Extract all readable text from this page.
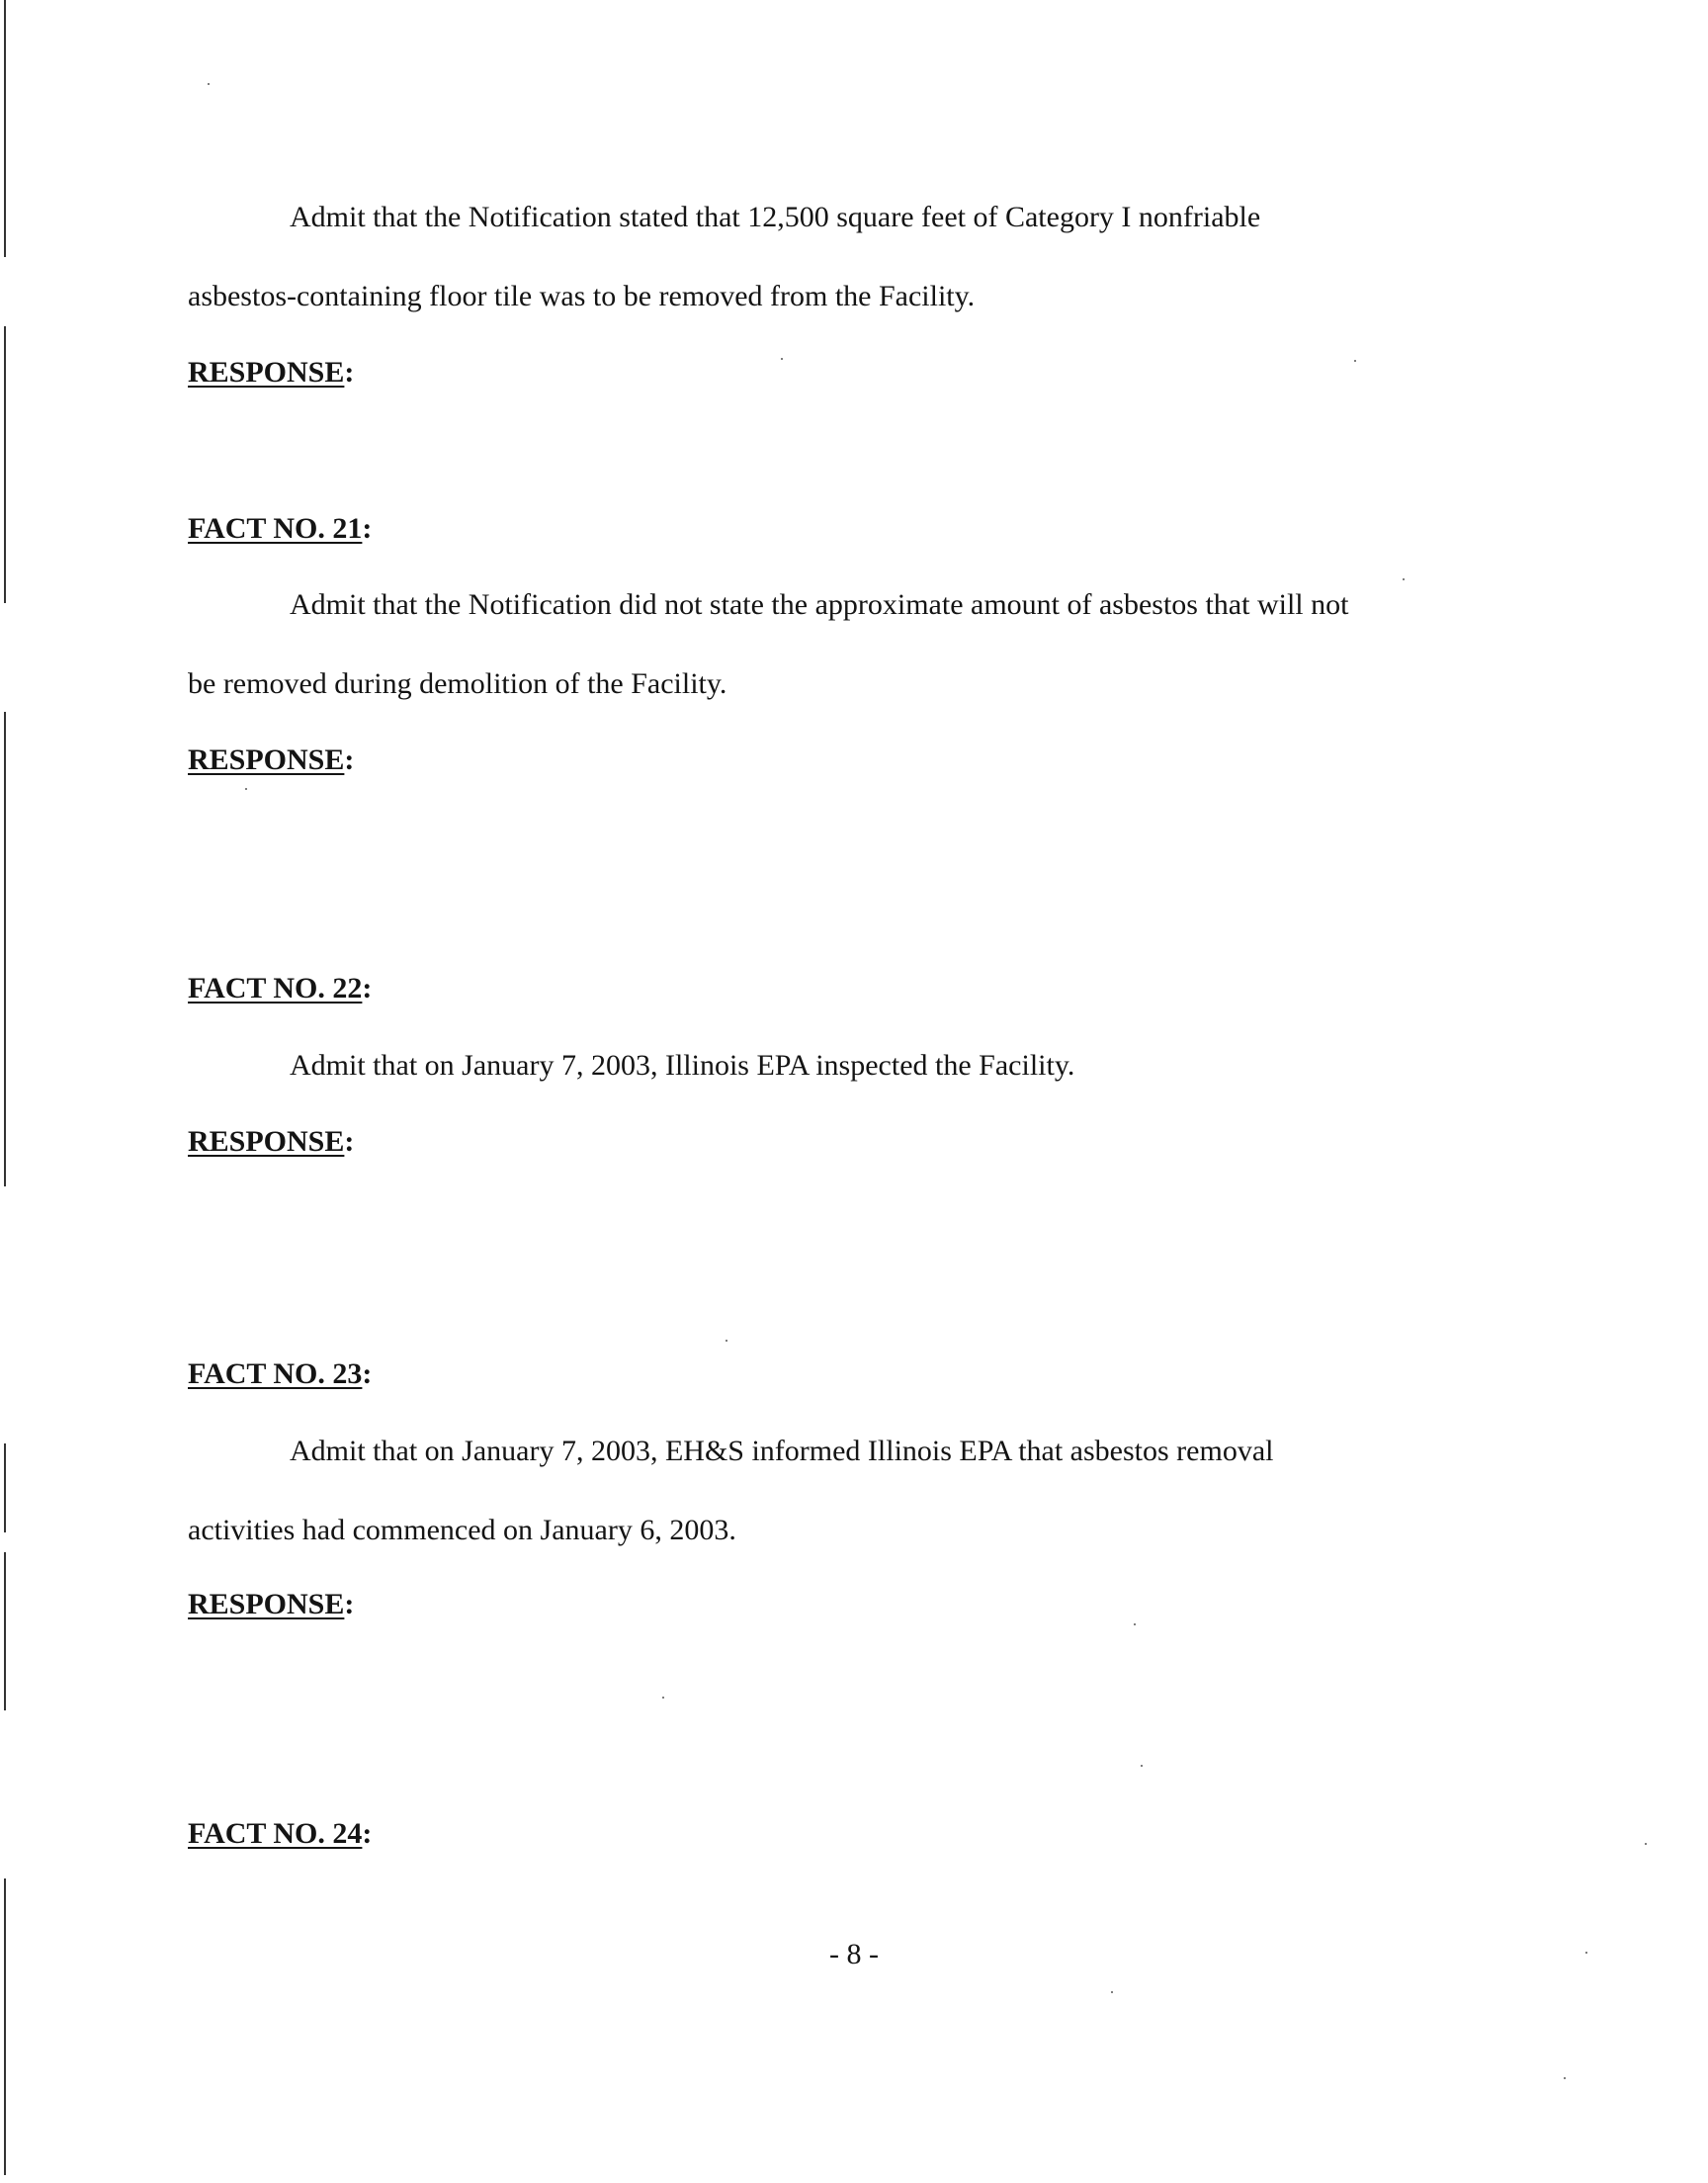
Admit that the Notification stated that 12,500 square feet of Category I nonfriable
asbestos-containing floor tile was to be removed from the Facility.

RESPONSE:

FACT NO. 21:

Admit that the Notification did not state the approximate amount of asbestos that will not
be removed during demolition of the Facility.

RESPONSE:

FACT NO. 22:

Admit that on January 7, 2003, Illinois EPA inspected the Facility.

RESPONSE:

FACT NO. 23:

Admit that on January 7, 2003, EH&S informed Illinois EPA that asbestos removal
activities had commenced on January 6, 2003.

RESPONSE:

FACT NO. 24:

- 8 -
